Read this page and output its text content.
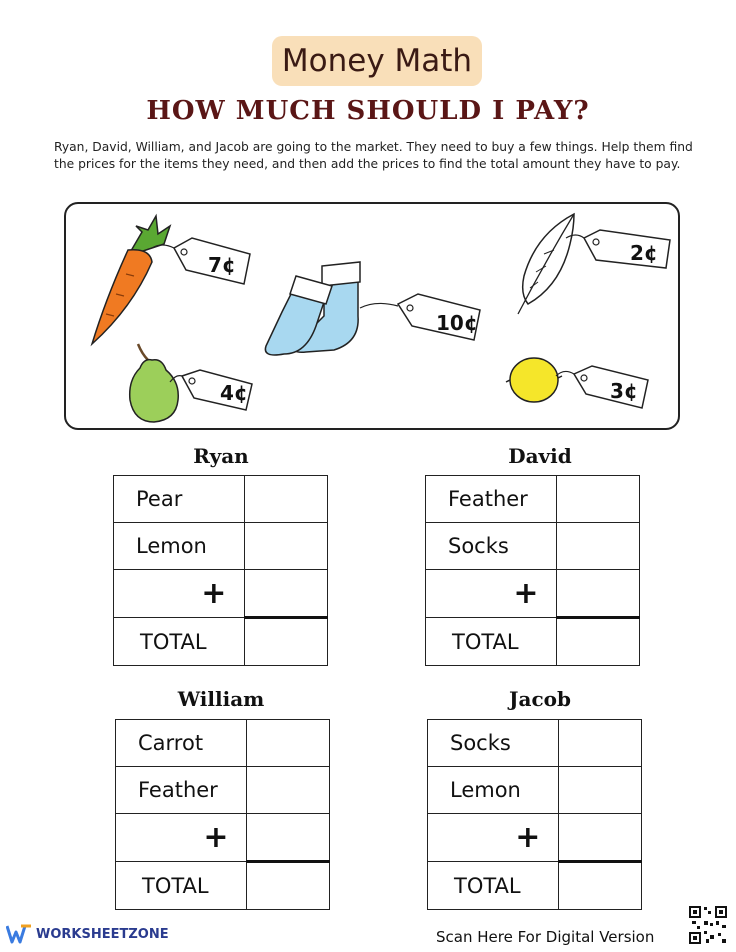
Money Math
HOW MUCH SHOULD I PAY?
Ryan, David, William, and Jacob are going to the market. They need to buy a few things. Help them find the prices for the items they need, and then add the prices to find the total amount they have to pay.
7¢
10¢
2¢
4¢	3¢
Ryan
Pear	
Lemon	
+	
TOTAL	
David
Feather	
Socks	
+	
TOTAL	
William
Carrot	
Feather	
+	
TOTAL	
Jacob
Socks	
Lemon	
+	
TOTAL	
WORKSHEETZONE	Scan Here For Digital Version
